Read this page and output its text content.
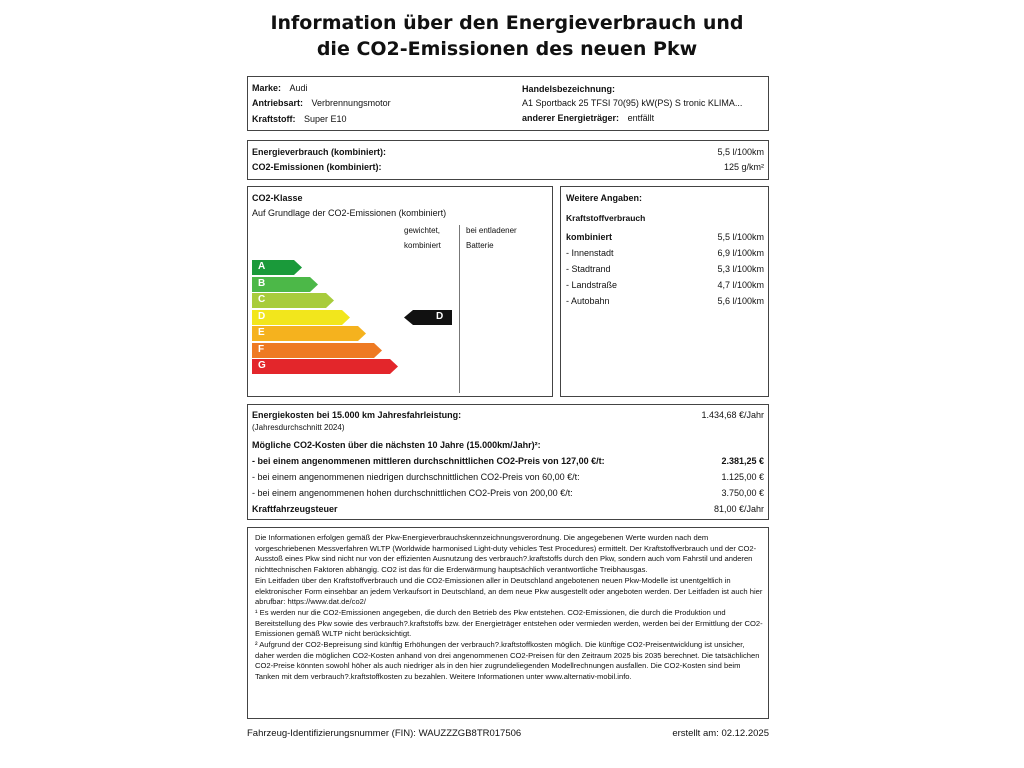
Information über den Energieverbrauch und
die CO2-Emissionen des neuen Pkw
Marke: Audi
Antriebsart: Verbrennungsmotor
Kraftstoff: Super E10
Handelsbezeichnung:
A1 Sportback 25 TFSI 70(95) kW(PS) S tronic KLIMA...
anderer Energieträger: entfällt
Energieverbrauch (kombiniert):	5,5 l/100km
CO2-Emissionen (kombiniert):	125 g/km²
CO2-Klasse
Auf Grundlage der CO2-Emissionen (kombiniert)
gewichtet,
kombiniert
bei entladener
Batterie
A
B
C
D
E
F
G
D
Weitere Angaben:
Kraftstoffverbrauch
kombiniert	5,5 l/100km
- Innenstadt	6,9 l/100km
- Stadtrand	5,3 l/100km
- Landstraße	4,7 l/100km
- Autobahn	5,6 l/100km
Energiekosten bei 15.000 km Jahresfahrleistung:	1.434,68 €/Jahr
(Jahresdurchschnitt 2024)
Mögliche CO2-Kosten über die nächsten 10 Jahre (15.000km/Jahr)²:
- bei einem angenommenen mittleren durchschnittlichen CO2-Preis von 127,00 €/t:	2.381,25 €
- bei einem angenommenen niedrigen durchschnittlichen CO2-Preis von 60,00 €/t:	1.125,00 €
- bei einem angenommenen hohen durchschnittlichen CO2-Preis von 200,00 €/t:	3.750,00 €
Kraftfahrzeugsteuer	81,00 €/Jahr

Die Informationen erfolgen gemäß der Pkw-Energieverbrauchskennzeichnungsverordnung. Die angegebenen Werte wurden nach dem vorgeschriebenen Messverfahren WLTP (Worldwide harmonised Light-duty vehicles Test Procedures) ermittelt. Der Kraftstoffverbrauch und der CO2-Ausstoß eines Pkw sind nicht nur von der effizienten Ausnutzung des verbrauch?.kraftstoffs durch den Pkw, sondern auch vom Fahrstil und anderen nichttechnischen Faktoren abhängig. CO2 ist das für die Erderwärmung hauptsächlich verantwortliche Treibhausgas.

Ein Leitfaden über den Kraftstoffverbrauch und die CO2-Emissionen aller in Deutschland angebotenen neuen Pkw-Modelle ist unentgeltlich in elektronischer Form einsehbar an jedem Verkaufsort in Deutschland, an dem neue Pkw ausgestellt oder angeboten werden. Der Leitfaden ist auch hier abrufbar: https://www.dat.de/co2/

¹ Es werden nur die CO2-Emissionen angegeben, die durch den Betrieb des Pkw entstehen. CO2-Emissionen, die durch die Produktion und Bereitstellung des Pkw sowie des verbrauch?.kraftstoffs bzw. der Energieträger entstehen oder vermieden werden, werden bei der Ermittlung der CO2-Emissionen gemäß WLTP nicht berücksichtigt.

² Aufgrund der CO2-Bepreisung sind künftig Erhöhungen der verbrauch?.kraftstoffkosten möglich. Die künftige CO2-Preisentwicklung ist unsicher, daher werden die möglichen CO2-Kosten anhand von drei angenommenen CO2-Preisen für den Zeitraum 2025 bis 2035 berechnet. Die tatsächlichen CO2-Preise könnten sowohl höher als auch niedriger als in den hier zugrundeliegenden Modellrechnungen ausfallen. Die CO2-Kosten sind beim Tanken mit dem verbrauch?.kraftstoffkosten zu bezahlen. Weitere Informationen unter www.alternativ-mobil.info.

Fahrzeug-Identifizierungsnummer (FIN): WAUZZZGB8TR017506	erstellt am: 02.12.2025
